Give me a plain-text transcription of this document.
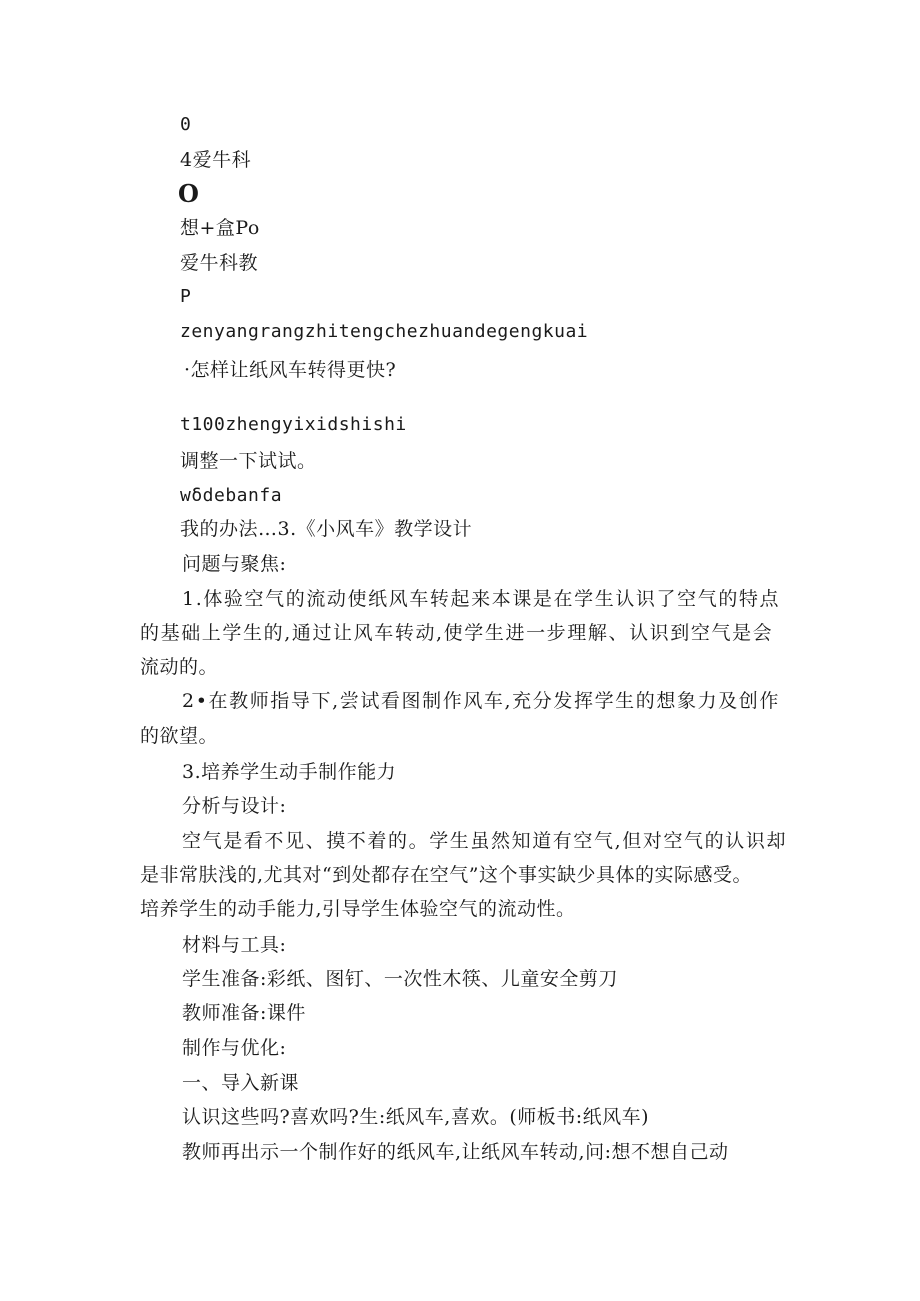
0
4爱牛科
O
想+盒Po
爱牛科教
P
zenyangrangzhitengchezhuandegengkuai
·怎样让纸风车转得更快?
t100zhengyixidshishi
调整一下试试。
wδdebanfa
我的办法…3.《小风车》教学设计
问题与聚焦:
1.体验空气的流动使纸风车转起来本课是在学生认识了空气的特点
的基础上学生的,通过让风车转动,使学生进一步理解、认识到空气是会
流动的。
2•在教师指导下,尝试看图制作风车,充分发挥学生的想象力及创作
的欲望。
3.培养学生动手制作能力
分析与设计:
空气是看不见、摸不着的。学生虽然知道有空气,但对空气的认识却
是非常肤浅的,尤其对“到处都存在空气”这个事实缺少具体的实际感受。
培养学生的动手能力,引导学生体验空气的流动性。
材料与工具:
学生准备:彩纸、图钉、一次性木筷、儿童安全剪刀
教师准备:课件
制作与优化:
一、导入新课
认识这些吗?喜欢吗?生:纸风车,喜欢。(师板书:纸风车)
教师再出示一个制作好的纸风车,让纸风车转动,问:想不想自己动
